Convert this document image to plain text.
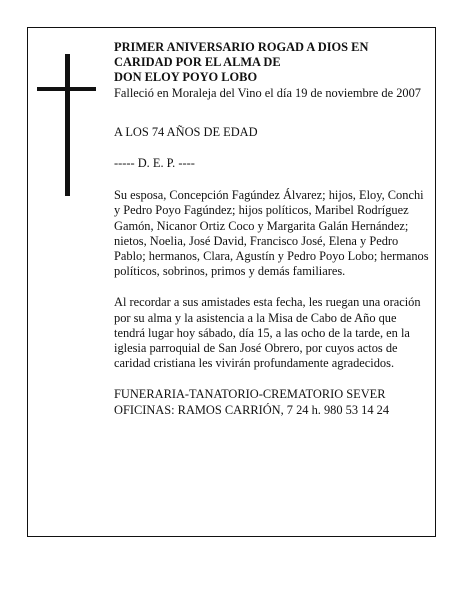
PRIMER ANIVERSARIO ROGAD A DIOS EN
CARIDAD POR EL ALMA DE
DON ELOY POYO LOBO

Falleció en Moraleja del Vino el día 19 de noviembre de 2007

A LOS 74 AÑOS DE EDAD

----- D. E. P. ----

Su esposa, Concepción Fagúndez Álvarez; hijos, Eloy, Conchi y Pedro Poyo Fagúndez; hijos políticos, Maribel Rodríguez Gamón, Nicanor Ortiz Coco y Margarita Galán Hernández; nietos, Noelia, José David, Francisco José, Elena y Pedro Pablo; hermanos, Clara, Agustín y Pedro Poyo Lobo; hermanos políticos, sobrinos, primos y demás familiares.

Al recordar a sus amistades esta fecha, les ruegan una oración por su alma y la asistencia a la Misa de Cabo de Año que tendrá lugar hoy sábado, día 15, a las ocho de la tarde, en la iglesia parroquial de San José Obrero, por cuyos actos de caridad cristiana les vivirán profundamente agradecidos.

FUNERARIA-TANATORIO-CREMATORIO SEVER
OFICINAS: RAMOS CARRIÓN, 7 24 h. 980 53 14 24
